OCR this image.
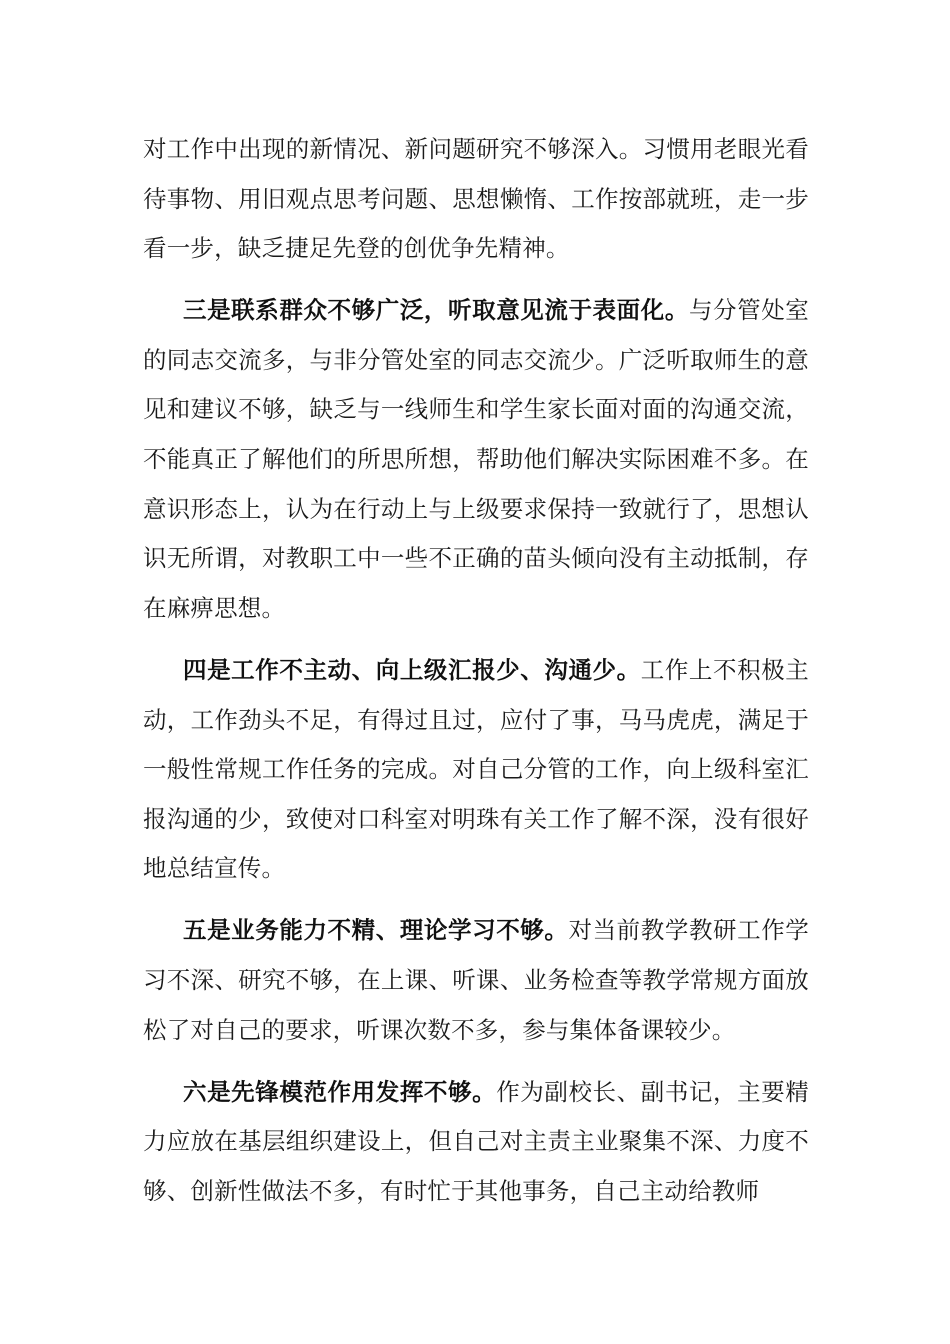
对工作中出现的新情况、新问题研究不够深入。习惯用老眼光看待事物、用旧观点思考问题、思想懒惰、工作按部就班，走一步看一步，缺乏捷足先登的创优争先精神。

三是联系群众不够广泛，听取意见流于表面化。与分管处室的同志交流多，与非分管处室的同志交流少。广泛听取师生的意见和建议不够，缺乏与一线师生和学生家长面对面的沟通交流，不能真正了解他们的所思所想，帮助他们解决实际困难不多。在意识形态上，认为在行动上与上级要求保持一致就行了，思想认识无所谓，对教职工中一些不正确的苗头倾向没有主动抵制，存在麻痹思想。

四是工作不主动、向上级汇报少、沟通少。工作上不积极主动，工作劲头不足，有得过且过，应付了事，马马虎虎，满足于一般性常规工作任务的完成。对自己分管的工作，向上级科室汇报沟通的少，致使对口科室对明珠有关工作了解不深，没有很好地总结宣传。

五是业务能力不精、理论学习不够。对当前教学教研工作学习不深、研究不够，在上课、听课、业务检查等教学常规方面放松了对自己的要求，听课次数不多，参与集体备课较少。

六是先锋模范作用发挥不够。作为副校长、副书记，主要精力应放在基层组织建设上，但自己对主责主业聚集不深、力度不够、创新性做法不多，有时忙于其他事务，自己主动给教师
